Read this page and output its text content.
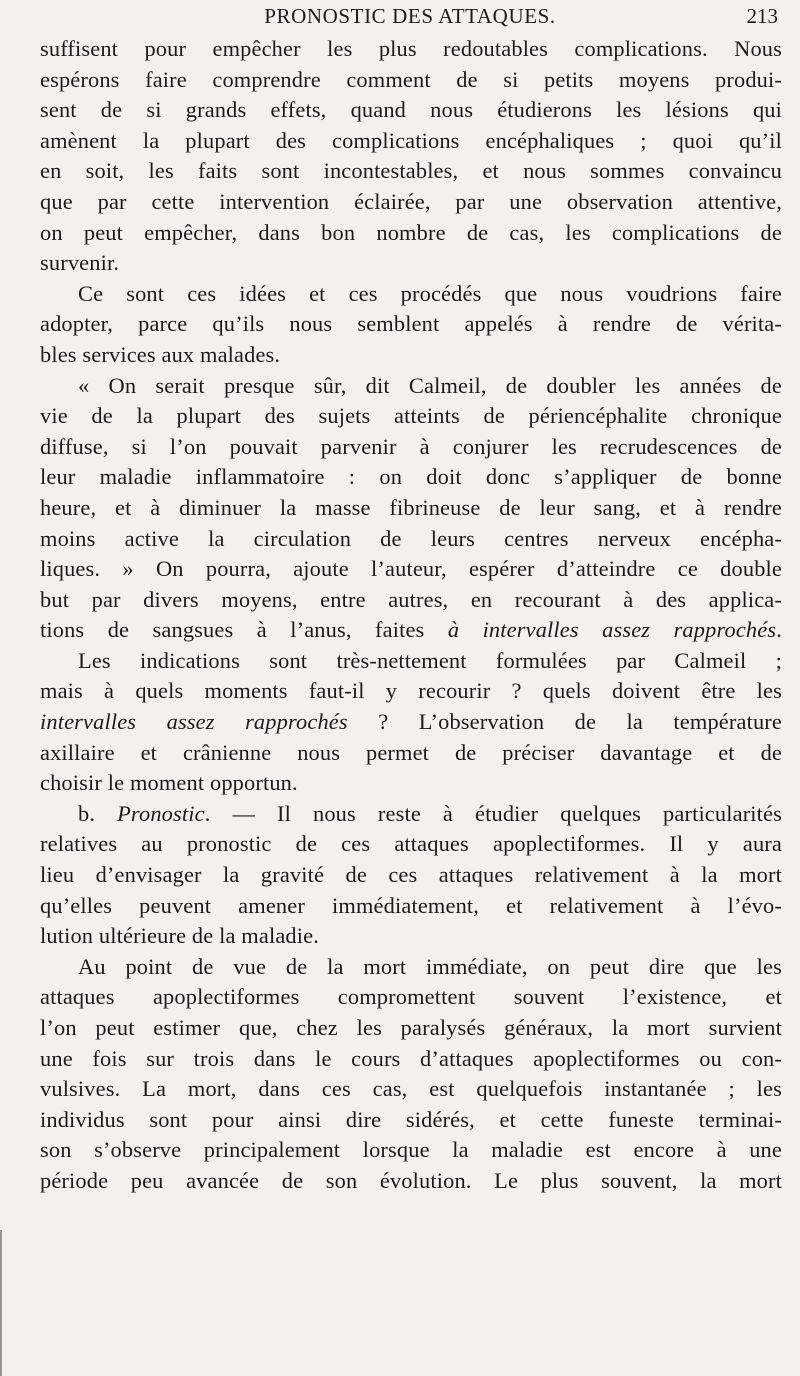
PRONOSTIC DES ATTAQUES.	213
suffisent pour empêcher les plus redoutables complications. Nous
espérons faire comprendre comment de si petits moyens produi-
sent de si grands effets, quand nous étudierons les lésions qui
amènent la plupart des complications encéphaliques ; quoi qu’il
en soit, les faits sont incontestables, et nous sommes convaincu
que par cette intervention éclairée, par une observation attentive,
on peut empêcher, dans bon nombre de cas, les complications de
survenir.
Ce sont ces idées et ces procédés que nous voudrions faire
adopter, parce qu’ils nous semblent appelés à rendre de vérita-
bles services aux malades.
« On serait presque sûr, dit Calmeil, de doubler les années de
vie de la plupart des sujets atteints de périencéphalite chronique
diffuse, si l’on pouvait parvenir à conjurer les recrudescences de
leur maladie inflammatoire : on doit donc s’appliquer de bonne
heure, et à diminuer la masse fibrineuse de leur sang, et à rendre
moins active la circulation de leurs centres nerveux encépha-
liques. » On pourra, ajoute l’auteur, espérer d’atteindre ce double
but par divers moyens, entre autres, en recourant à des applica-
tions de sangsues à l’anus, faites à intervalles assez rapprochés.
Les indications sont très-nettement formulées par Calmeil ;
mais à quels moments faut-il y recourir ? quels doivent être les
intervalles assez rapprochés ? L’observation de la température
axillaire et crânienne nous permet de préciser davantage et de
choisir le moment opportun.
b. Pronostic. — Il nous reste à étudier quelques particularités
relatives au pronostic de ces attaques apoplectiformes. Il y aura
lieu d’envisager la gravité de ces attaques relativement à la mort
qu’elles peuvent amener immédiatement, et relativement à l’évo-
lution ultérieure de la maladie.
Au point de vue de la mort immédiate, on peut dire que les
attaques apoplectiformes compromettent souvent l’existence, et
l’on peut estimer que, chez les paralysés généraux, la mort survient
une fois sur trois dans le cours d’attaques apoplectiformes ou con-
vulsives. La mort, dans ces cas, est quelquefois instantanée ; les
individus sont pour ainsi dire sidérés, et cette funeste terminai-
son s’observe principalement lorsque la maladie est encore à une
période peu avancée de son évolution. Le plus souvent, la mort
